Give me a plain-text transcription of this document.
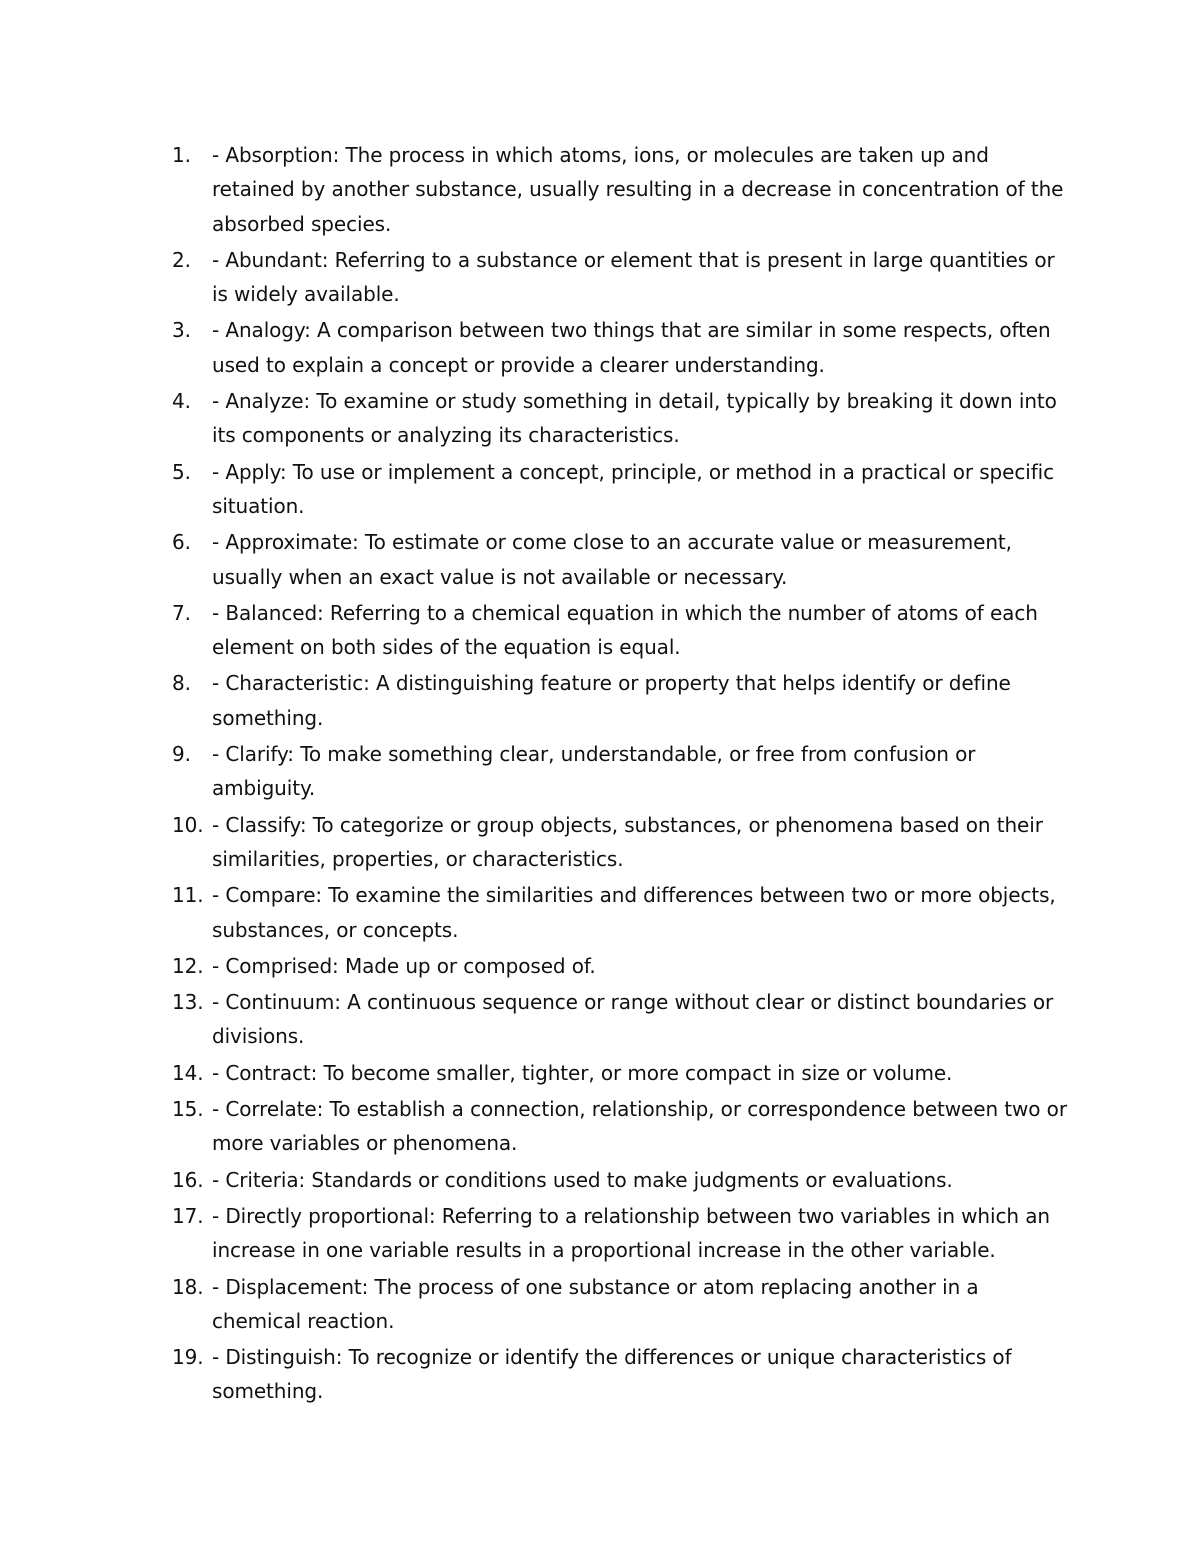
1.	- Absorption: The process in which atoms, ions, or molecules are taken up and retained by another substance, usually resulting in a decrease in concentration of the absorbed species.
2.	- Abundant: Referring to a substance or element that is present in large quantities or is widely available.
3.	- Analogy: A comparison between two things that are similar in some respects, often used to explain a concept or provide a clearer understanding.
4.	- Analyze: To examine or study something in detail, typically by breaking it down into its components or analyzing its characteristics.
5.	- Apply: To use or implement a concept, principle, or method in a practical or specific situation.
6.	- Approximate: To estimate or come close to an accurate value or measurement, usually when an exact value is not available or necessary.
7.	- Balanced: Referring to a chemical equation in which the number of atoms of each element on both sides of the equation is equal.
8.	- Characteristic: A distinguishing feature or property that helps identify or define something.
9.	- Clarify: To make something clear, understandable, or free from confusion or ambiguity.
10. - Classify: To categorize or group objects, substances, or phenomena based on their similarities, properties, or characteristics.
11. - Compare: To examine the similarities and differences between two or more objects, substances, or concepts.
12. - Comprised: Made up or composed of.
13. - Continuum: A continuous sequence or range without clear or distinct boundaries or divisions.
14. - Contract: To become smaller, tighter, or more compact in size or volume.
15. - Correlate: To establish a connection, relationship, or correspondence between two or more variables or phenomena.
16. - Criteria: Standards or conditions used to make judgments or evaluations.
17. - Directly proportional: Referring to a relationship between two variables in which an increase in one variable results in a proportional increase in the other variable.
18. - Displacement: The process of one substance or atom replacing another in a chemical reaction.
19. - Distinguish: To recognize or identify the differences or unique characteristics of something.
